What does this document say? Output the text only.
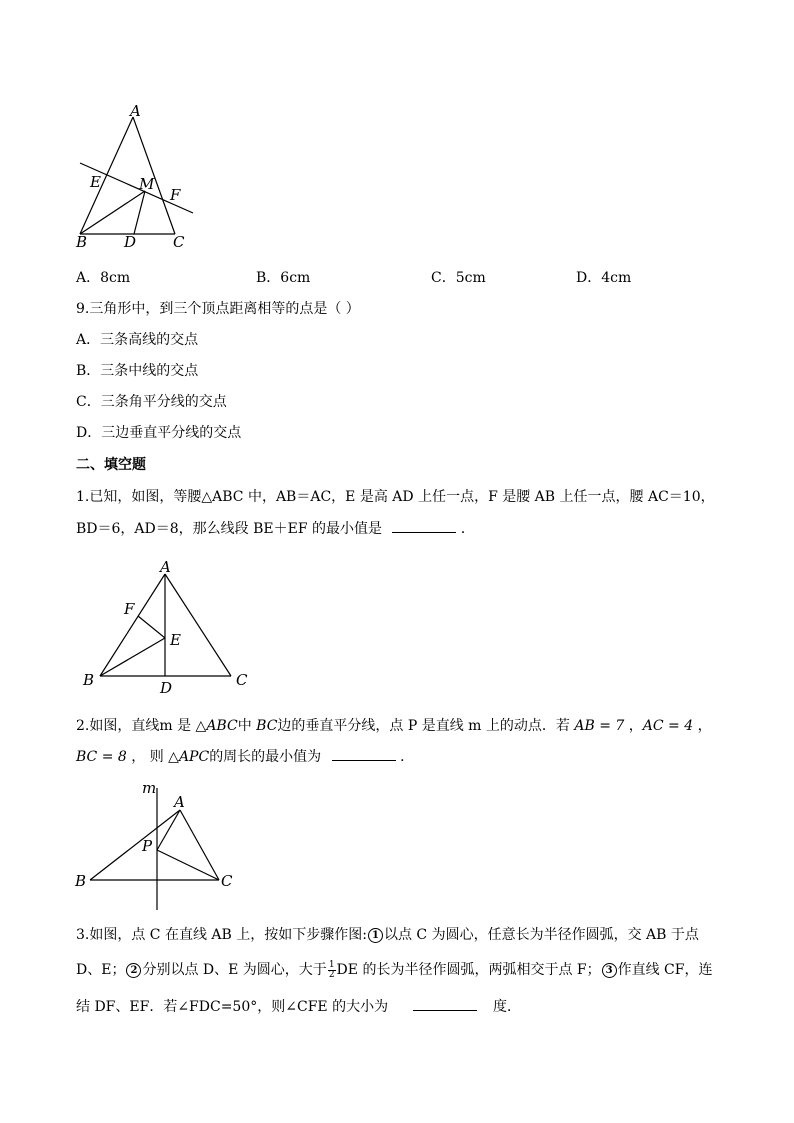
A
E	M
F
B D C
A．8cm	B．6cm	C．5cm	D．4cm
9.三角形中，到三个顶点距离相等的点是（ ）
A．三条高线的交点
B．三条中线的交点
C．三条角平分线的交点
D．三边垂直平分线的交点
二、填空题
1.已知，如图，等腰△ABC 中，AB＝AC，E 是高 AD 上任一点，F 是腰 AB 上任一点，腰 AC＝10，
BD＝6，AD＝8，那么线段 BE＋EF 的最小值是	．
A
F
E
B	D	C
2.如图，直线m 是 △ABC中 BC边的垂直平分线，点 P 是直线 m 上的动点．若 AB = 7 ，AC = 4 ，
BC = 8 ， 则 △APC的周长的最小值为	．
m
A
P
B	C
3.如图，点 C 在直线 AB 上，按如下步骤作图: 1 以点 C 为圆心，任意长为半径作圆弧，交 AB 于点
D、E； 2 分别以点 D、E 为圆心，大于 $\frac{1}{2}$ DE 的长为半径作圆弧，两弧相交于点 F； 3 作直线 CF，连
结 DF、EF．若∠FDC=50°，则∠CFE 的大小为	度．
